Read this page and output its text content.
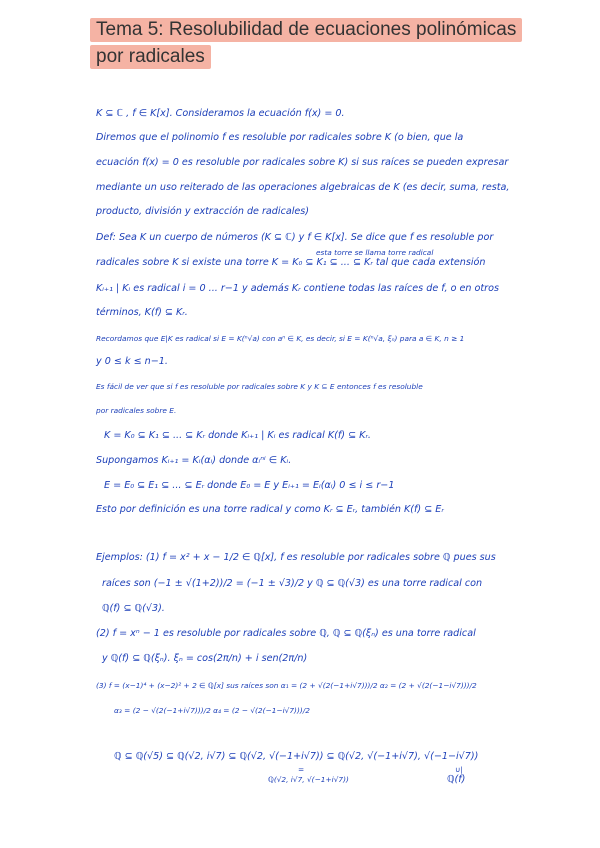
Tema 5: Resolubilidad de ecuaciones polinómicas
por radicales
K ⊆ ℂ , f ∈ K[x]. Consideramos la ecuación f(x) = 0.
Diremos que el polinomio f es resoluble por radicales sobre K (o bien, que la
ecuación f(x) = 0 es resoluble por radicales sobre K) si sus raíces se pueden expresar
mediante un uso reiterado de las operaciones algebraicas de K (es decir, suma, resta,
producto, división y extracción de radicales)
Def: Sea K un cuerpo de números (K ⊆ ℂ) y f ∈ K[x]. Se dice que f es resoluble por
esta torre se llama torre radical
radicales sobre K si existe una torre K = K₀ ⊆ K₁ ⊆ ... ⊆ Kᵣ tal que cada extensión
Kᵢ₊₁ | Kᵢ es radical i = 0 ... r−1 y además Kᵣ contiene todas las raíces de f, o en otros
términos, K(f) ⊆ Kᵣ.
Recordamos que E|K es radical si E = K(ⁿ√a) con aⁿ ∈ K, es decir, si E = K(ⁿ√a, ξₙ) para a ∈ K, n ≥ 1
y 0 ≤ k ≤ n−1.
Es fácil de ver que si f es resoluble por radicales sobre K y K ⊆ E entonces f es resoluble
por radicales sobre E.
K = K₀ ⊆ K₁ ⊆ ... ⊆ Kᵣ donde Kᵢ₊₁ | Kᵢ es radical K(f) ⊆ Kᵣ.
Supongamos Kᵢ₊₁ = Kᵢ(αᵢ) donde αᵢⁿⁱ ∈ Kᵢ.
E = E₀ ⊆ E₁ ⊆ ... ⊆ Eᵣ donde E₀ = E y Eᵢ₊₁ = Eᵢ(αᵢ) 0 ≤ i ≤ r−1
Esto por definición es una torre radical y como Kᵣ ⊆ Eᵣ, también K(f) ⊆ Eᵣ
Ejemplos: (1) f = x² + x − 1/2 ∈ ℚ[x], f es resoluble por radicales sobre ℚ pues sus
raíces son (−1 ± √(1+2))/2 = (−1 ± √3)/2 y ℚ ⊆ ℚ(√3) es una torre radical con
ℚ(f) ⊆ ℚ(√3).
(2) f = xⁿ − 1 es resoluble por radicales sobre ℚ, ℚ ⊆ ℚ(ξₙ) es una torre radical
y ℚ(f) ⊆ ℚ(ξₙ). ξₙ = cos(2π/n) + i sen(2π/n)
(3) f = (x−1)⁴ + (x−2)² + 2 ∈ ℚ[x] sus raíces son α₁ = (2 + √(2(−1+i√7)))/2 α₂ = (2 + √(2(−1−i√7)))/2
α₃ = (2 − √(2(−1+i√7)))/2 α₄ = (2 − √(2(−1−i√7)))/2
ℚ ⊆ ℚ(√5) ⊆ ℚ(√2, i√7) ⊆ ℚ(√2, √(−1+i√7)) ⊆ ℚ(√2, √(−1+i√7), √(−1−i√7))
=
ℚ(√2, i√7, √(−1+i√7))
∪|
ℚ(f)
